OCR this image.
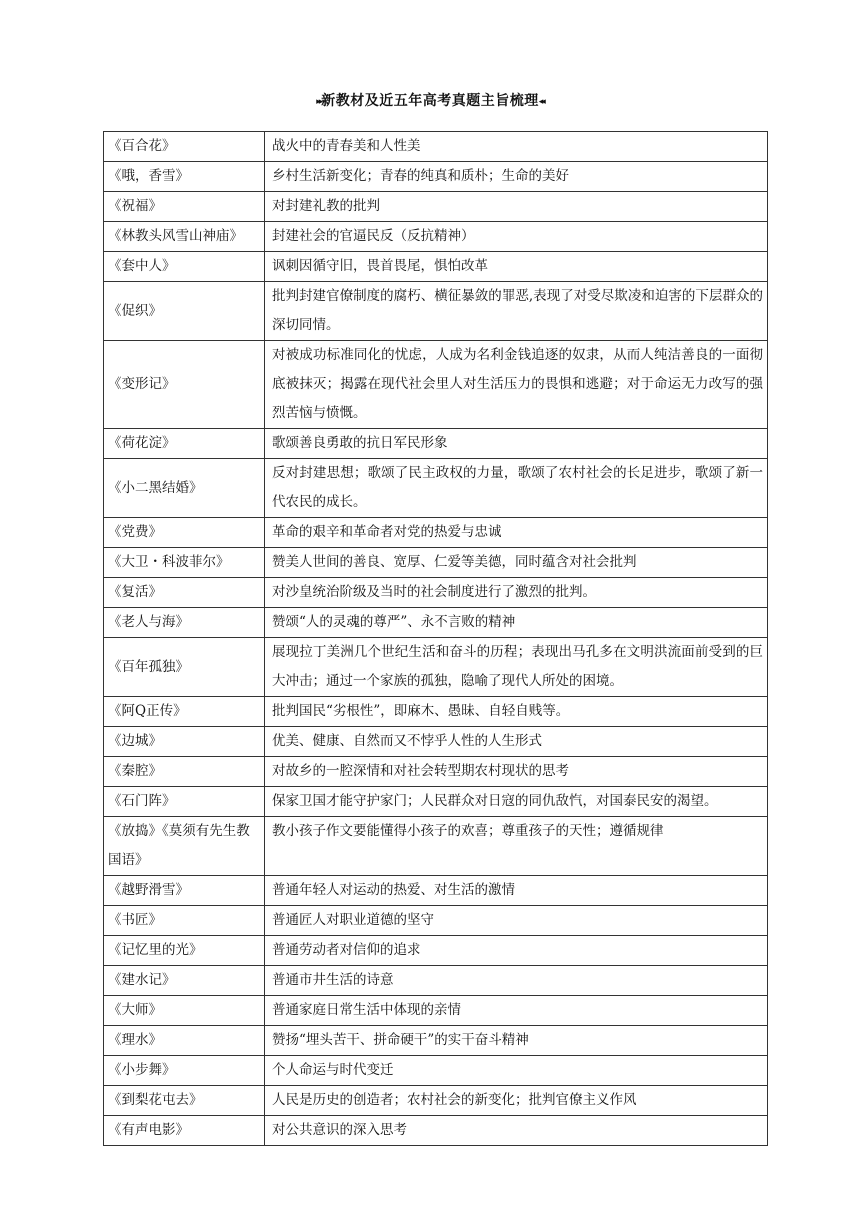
▸▸新教材及近五年高考真题主旨梳理◂◂
《百合花》	战火中的青春美和人性美
《哦，香雪》	乡村生活新变化；青春的纯真和质朴；生命的美好
《祝福》	对封建礼教的批判
《林教头风雪山神庙》	封建社会的官逼民反（反抗精神）
《套中人》	讽刺因循守旧，畏首畏尾，惧怕改革
《促织》	批判封建官僚制度的腐朽、横征暴敛的罪恶,表现了对受尽欺凌和迫害的下层群众的深切同情。
《变形记》	对被成功标准同化的忧虑，人成为名利金钱追逐的奴隶，从而人纯洁善良的一面彻底被抹灭；揭露在现代社会里人对生活压力的畏惧和逃避；对于命运无力改写的强烈苦恼与愤慨。
《荷花淀》	歌颂善良勇敢的抗日军民形象
《小二黑结婚》	反对封建思想；歌颂了民主政权的力量，歌颂了农村社会的长足进步，歌颂了新一代农民的成长。
《党费》	革命的艰辛和革命者对党的热爱与忠诚
《大卫・科波菲尔》	赞美人世间的善良、宽厚、仁爱等美德，同时蕴含对社会批判
《复活》	对沙皇统治阶级及当时的社会制度进行了激烈的批判。
《老人与海》	赞颂“人的灵魂的尊严”、永不言败的精神
《百年孤独》	展现拉丁美洲几个世纪生活和奋斗的历程；表现出马孔多在文明洪流面前受到的巨大冲击；通过一个家族的孤独，隐喻了现代人所处的困境。
《阿Q正传》	批判国民“劣根性”，即麻木、愚昧、自轻自贱等。
《边城》	优美、健康、自然而又不悖乎人性的人生形式
《秦腔》	对故乡的一腔深情和对社会转型期农村现状的思考
《石门阵》	保家卫国才能守护家门；人民群众对日寇的同仇敌忾，对国泰民安的渴望。
《放捣》《莫须有先生教国语》	教小孩子作文要能懂得小孩子的欢喜；尊重孩子的天性；遵循规律
《越野滑雪》	普通年轻人对运动的热爱、对生活的激情
《书匠》	普通匠人对职业道德的坚守
《记忆里的光》	普通劳动者对信仰的追求
《建水记》	普通市井生活的诗意
《大师》	普通家庭日常生活中体现的亲情
《理水》	赞扬“埋头苦干、拼命硬干”的实干奋斗精神
《小步舞》	个人命运与时代变迁
《到梨花屯去》	人民是历史的创造者；农村社会的新变化；批判官僚主义作风
《有声电影》	对公共意识的深入思考
